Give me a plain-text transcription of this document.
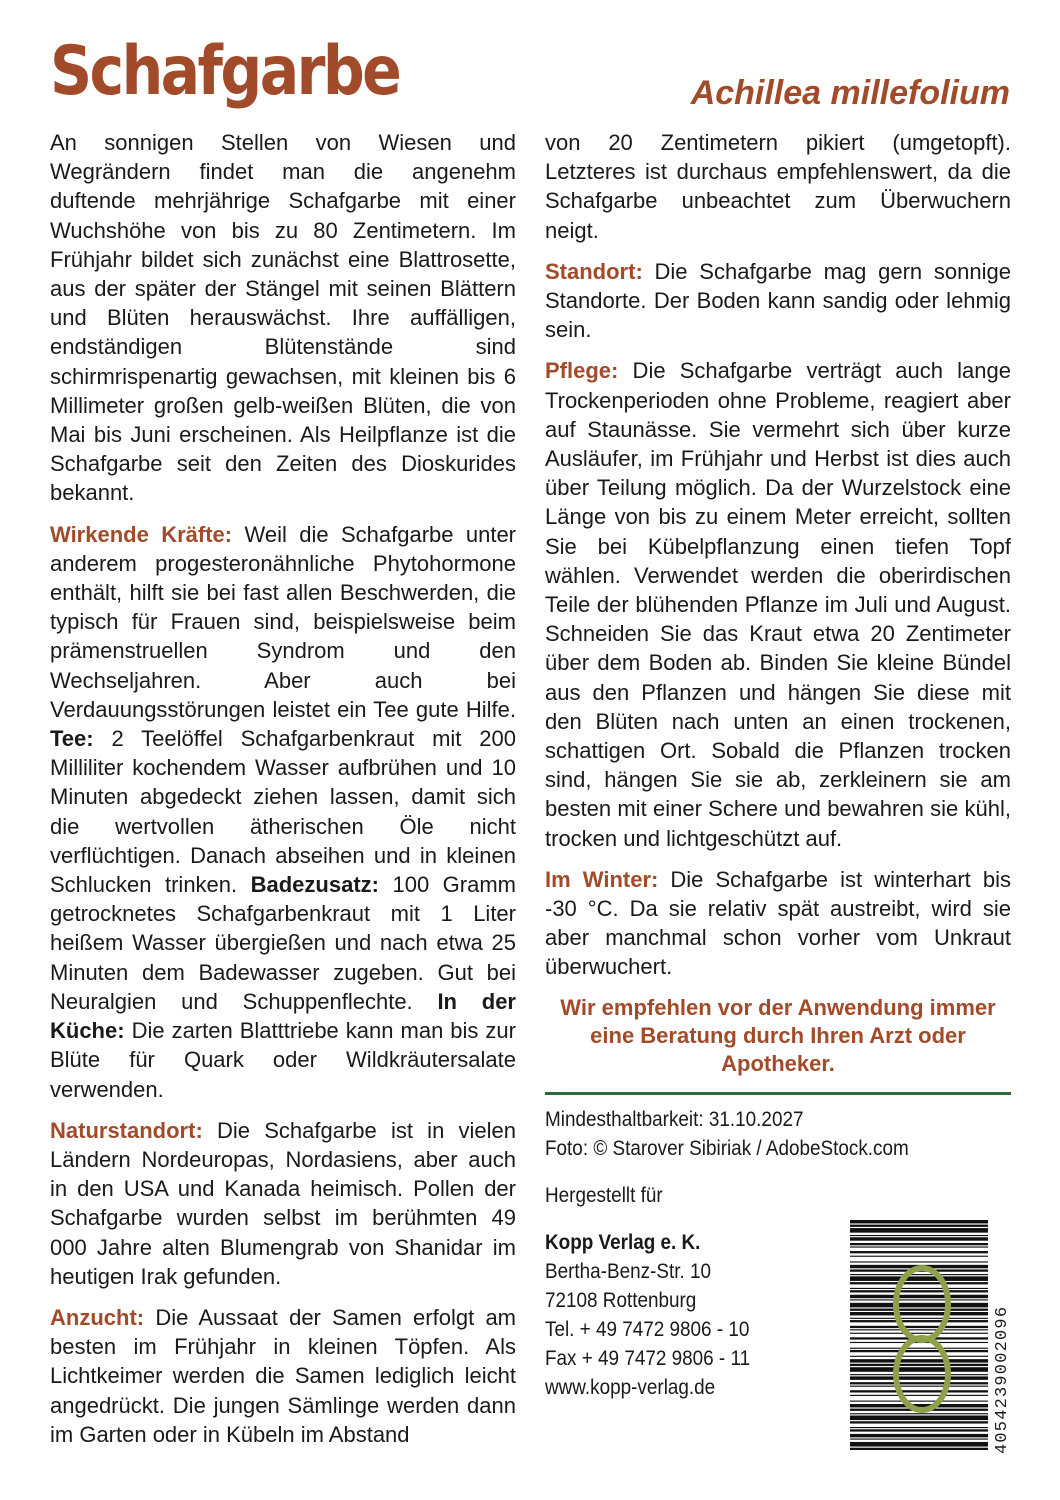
Schafgarbe	Achillea millefolium

An sonnigen Stellen von Wiesen und Wegrändern findet man die angenehm duftende mehrjährige Schafgarbe mit einer Wuchshöhe von bis zu 80 Zentimetern. Im Frühjahr bildet sich zunächst eine Blattrosette, aus der später der Stängel mit seinen Blättern und Blüten herauswächst. Ihre auffälligen, endständigen Blütenstände sind schirmrispenartig gewachsen, mit kleinen bis 6 Millimeter großen gelb-weißen Blüten, die von Mai bis Juni erscheinen. Als Heilpflanze ist die Schafgarbe seit den Zeiten des Dioskurides bekannt.

Wirkende Kräfte: Weil die Schafgarbe unter anderem progesteronähnliche Phytohormone enthält, hilft sie bei fast allen Beschwerden, die typisch für Frauen sind, beispielsweise beim prämenstruellen Syndrom und den Wechseljahren. Aber auch bei Verdauungsstörungen leistet ein Tee gute Hilfe. Tee: 2 Teelöffel Schafgarbenkraut mit 200 Milliliter kochendem Wasser aufbrühen und 10 Minuten abgedeckt ziehen lassen, damit sich die wertvollen ätherischen Öle nicht verflüchtigen. Danach abseihen und in kleinen Schlucken trinken. Badezusatz: 100 Gramm getrocknetes Schafgarbenkraut mit 1 Liter heißem Wasser übergießen und nach etwa 25 Minuten dem Badewasser zugeben. Gut bei Neuralgien und Schuppenflechte. In der Küche: Die zarten Blatttriebe kann man bis zur Blüte für Quark oder Wildkräutersalate verwenden.

Naturstandort: Die Schafgarbe ist in vielen Ländern Nordeuropas, Nordasiens, aber auch in den USA und Kanada heimisch. Pollen der Schafgarbe wurden selbst im berühmten 49 000 Jahre alten Blumengrab von Shanidar im heutigen Irak gefunden.

Anzucht: Die Aussaat der Samen erfolgt am besten im Frühjahr in kleinen Töpfen. Als Lichtkeimer werden die Samen lediglich leicht angedrückt. Die jungen Sämlinge werden dann im Garten oder in Kübeln im Abstand

von 20 Zentimetern pikiert (umgetopft). Letzteres ist durchaus empfehlenswert, da die Schafgarbe unbeachtet zum Überwuchern neigt.

Standort: Die Schafgarbe mag gern sonnige Standorte. Der Boden kann sandig oder lehmig sein.

Pflege: Die Schafgarbe verträgt auch lange Trockenperioden ohne Probleme, reagiert aber auf Staunässe. Sie vermehrt sich über kurze Ausläufer, im Frühjahr und Herbst ist dies auch über Teilung möglich. Da der Wurzelstock eine Länge von bis zu einem Meter erreicht, sollten Sie bei Kübelpflanzung einen tiefen Topf wählen. Verwendet werden die oberirdischen Teile der blühenden Pflanze im Juli und August. Schneiden Sie das Kraut etwa 20 Zentimeter über dem Boden ab. Binden Sie kleine Bündel aus den Pflanzen und hängen Sie diese mit den Blüten nach unten an einen trockenen, schattigen Ort. Sobald die Pflanzen trocken sind, hängen Sie sie ab, zerkleinern sie am besten mit einer Schere und bewahren sie kühl, trocken und lichtgeschützt auf.

Im Winter: Die Schafgarbe ist winterhart bis -30 °C. Da sie relativ spät austreibt, wird sie aber manchmal schon vorher vom Unkraut überwuchert.

Wir empfehlen vor der Anwendung immer eine Beratung durch Ihren Arzt oder Apotheker.

Mindesthaltbarkeit: 31.10.2027
Foto: © Starover Sibiriak / AdobeStock.com
Hergestellt für
Kopp Verlag e. K.
Bertha-Benz-Str. 10
72108 Rottenburg
Tel. + 49 7472 9806 - 10
Fax + 49 7472 9806 - 11
www.kopp-verlag.de	4054239002096
